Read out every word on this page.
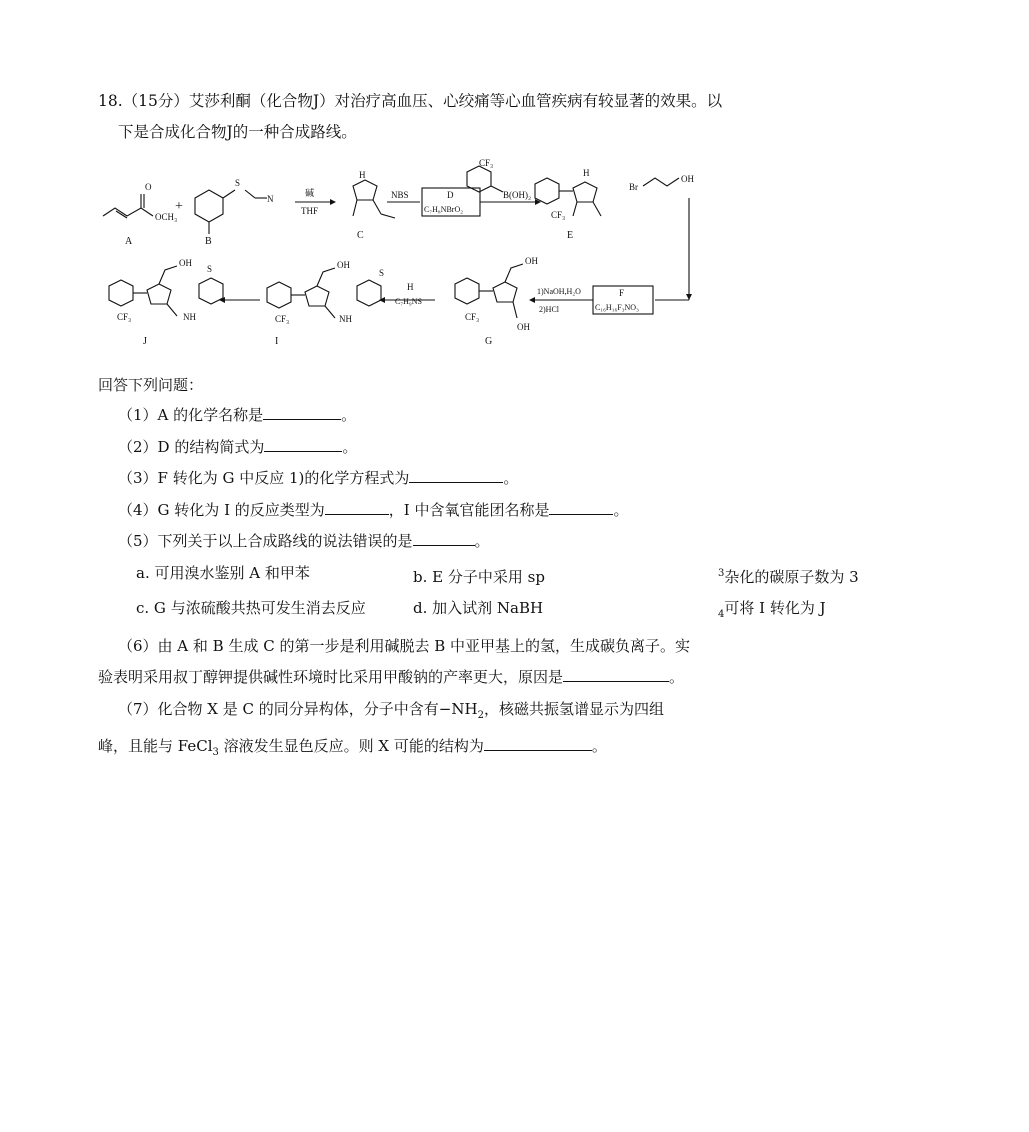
18.（15分）艾莎利酮（化合物J）对治疗高血压、心绞痛等心血管疾病有较显著的效果。以
下是合成化合物J的一种合成路线。
O
OCH₃
A
+
S
N
B
碱
THF
H
C
NBS	D
C₇H₈NBrO₂
CF₃
B(OH)₂
CF₃
H
E
Br
OH
F
C₁₆H₁₆F₃NO₃
1)NaOH,H₂O
2)HCl
OH
CF₃
OH
G
H
C₇H₉NS
S
OH
CF₃	NH
I
OH
S
CF₃	NH
J
回答下列问题：
（1）A 的化学名称是	。
（2）D 的结构简式为	。
（3）F 转化为 G 中反应 1)的化学方程式为	。
（4）G 转化为 I 的反应类型为	，I 中含氧官能团名称是	。
（5）下列关于以上合成路线的说法错误的是	。
a. 可用溴水鉴别 A 和甲苯	b. E 分子中采用 sp	$^3$杂化的碳原子数为 3
c. G 与浓硫酸共热可发生消去反应	d. 加入试剂 NaBH	$_4$可将 I 转化为 J
（6）由 A 和 B 生成 C 的第一步是利用碱脱去 B 中亚甲基上的氢，生成碳负离子。实
验表明采用叔丁醇钾提供碱性环境时比采用甲酸钠的产率更大，原因是	。
（7）化合物 X 是 C 的同分异构体，分子中含有$-NH_2$，核磁共振氢谱显示为四组
峰，且能与 FeCl$_3$ 溶液发生显色反应。则 X 可能的结构为	。
